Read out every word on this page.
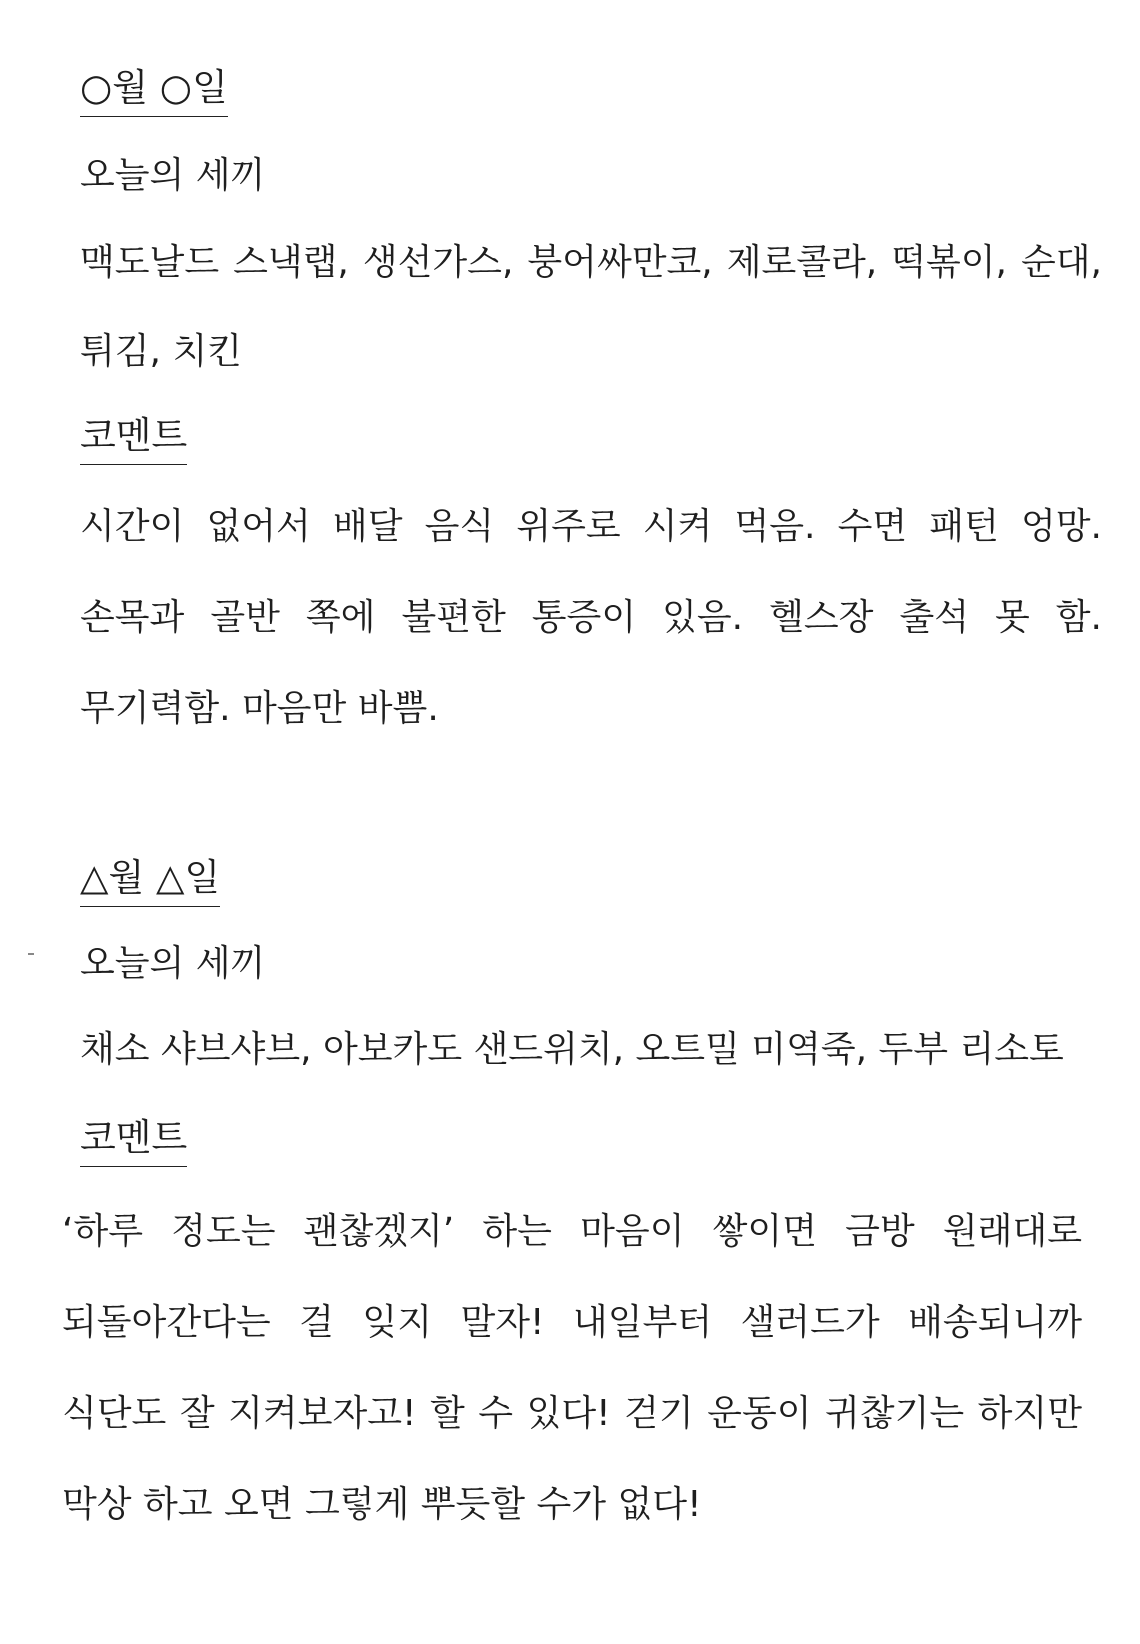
○월 ○일
오늘의 세끼

맥도날드 스낵랩, 생선가스, 붕어싸만코, 제로콜라, 떡볶이, 순대, 튀김, 치킨

코멘트

시간이 없어서 배달 음식 위주로 시켜 먹음. 수면 패턴 엉망. 손목과 골반 쪽에 불편한 통증이 있음. 헬스장 출석 못 함. 무기력함. 마음만 바쁨.

△월 △일
오늘의 세끼

채소 샤브샤브, 아보카도 샌드위치, 오트밀 미역죽, 두부 리소토

코멘트

‘하루 정도는 괜찮겠지’ 하는 마음이 쌓이면 금방 원래대로 되돌아간다는 걸 잊지 말자! 내일부터 샐러드가 배송되니까 식단도 잘 지켜보자고! 할 수 있다! 걷기 운동이 귀찮기는 하지만 막상 하고 오면 그렇게 뿌듯할 수가 없다!
